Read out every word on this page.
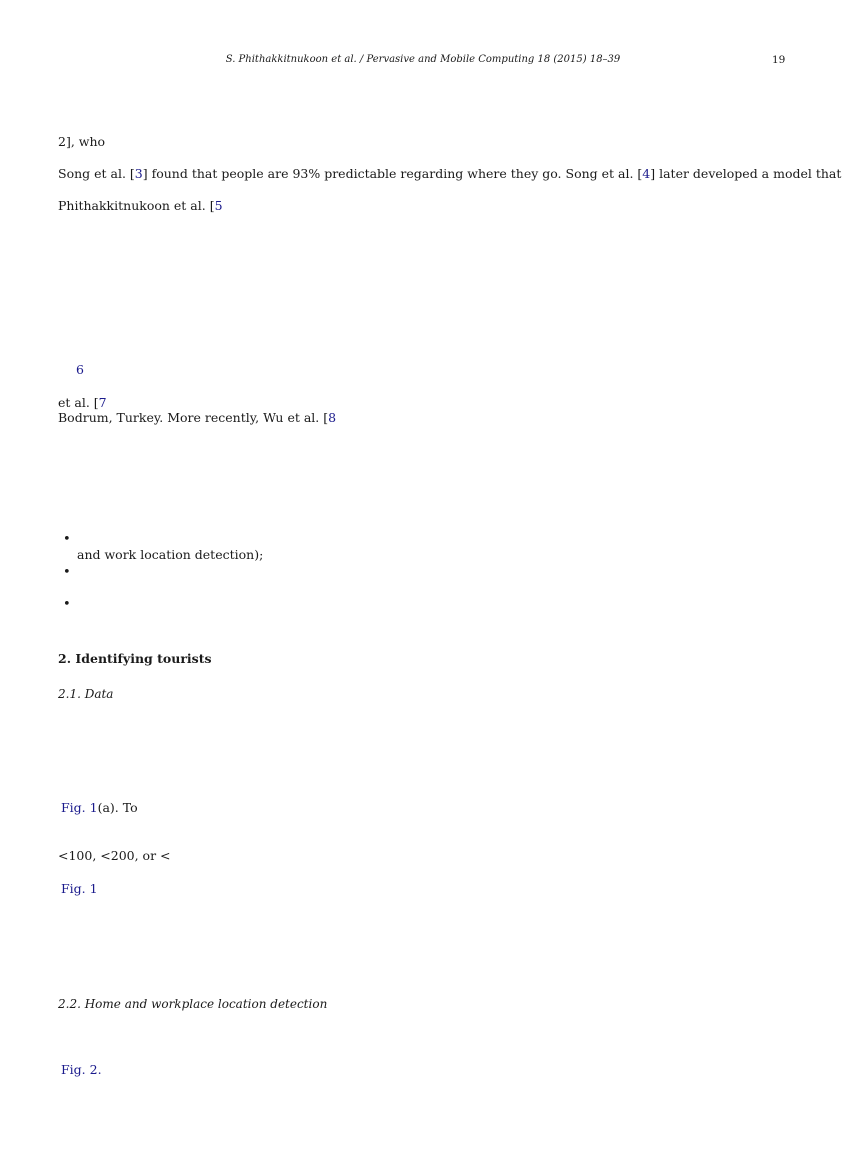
S. Phithakkitnukoon et al. / Pervasive and Mobile Computing 18 (2015) 18–39	19
2], who
Song et al. [3] found that people are 93% predictable regarding where they go. Song et al. [4] later developed a model that
Phithakkitnukoon et al. [5
6
et al. [7
Bodrum, Turkey. More recently, Wu et al. [8
•
and work location detection);
•
•
2. Identifying tourists
2.1. Data
Fig. 1(a). To
<100, <200, or <
Fig. 1
2.2. Home and workplace location detection
Fig. 2.
